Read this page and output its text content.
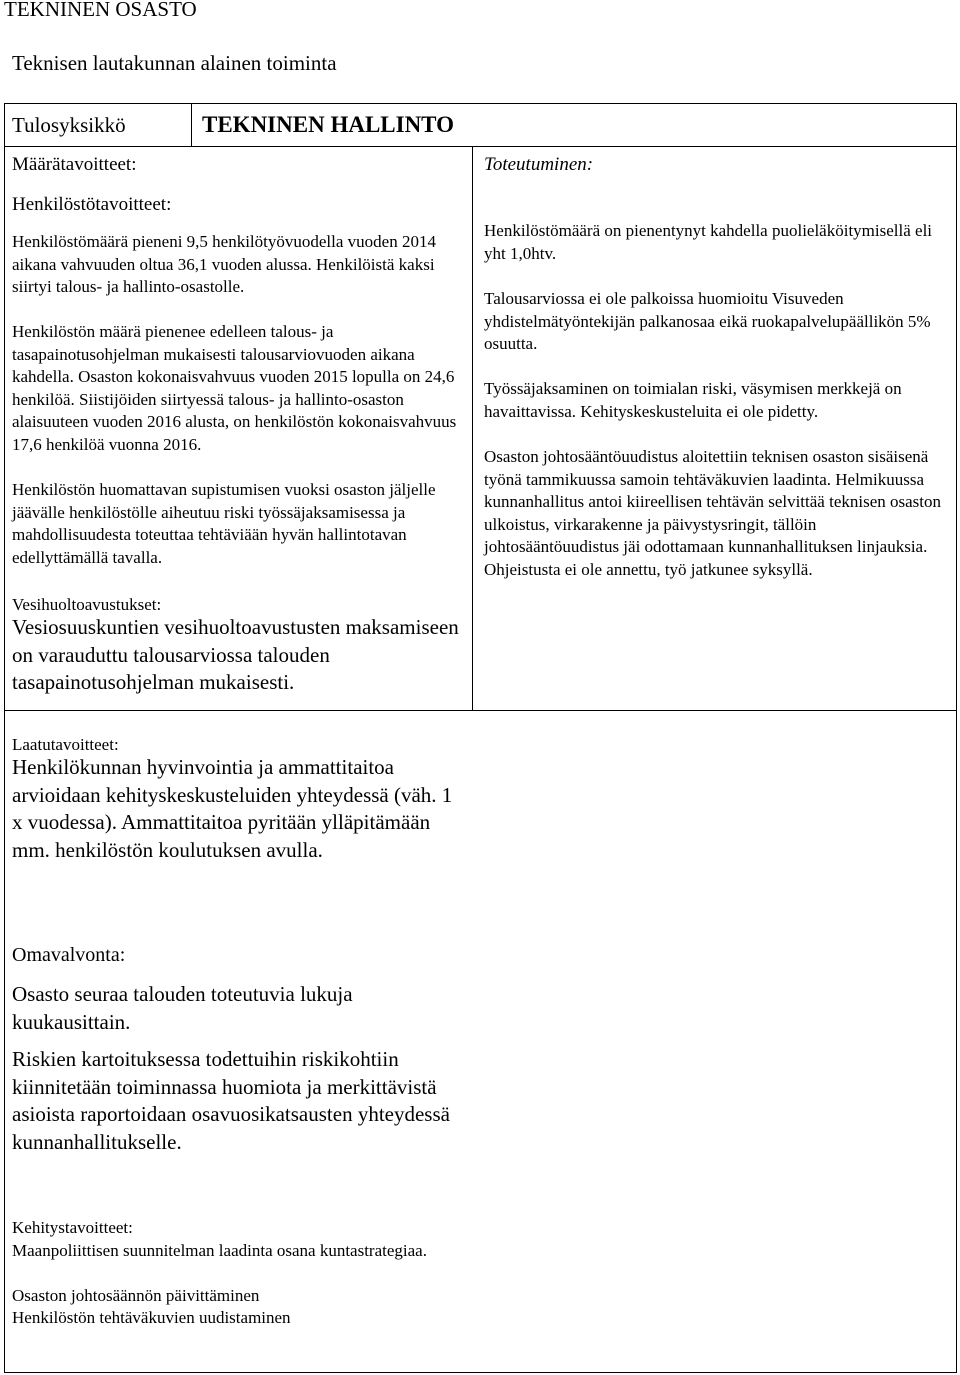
TEKNINEN OSASTO
Teknisen lautakunnan alainen toiminta
Tulosyksikkö	TEKNINEN HALLINTO
Määrätavoitteet:
Henkilöstötavoitteet:

Henkilöstömäärä pieneni 9,5 henkilötyövuodella vuoden 2014 aikana vahvuuden oltua 36,1 vuoden alussa. Henkilöistä kaksi siirtyi talous- ja hallinto-osastolle.

Henkilöstön määrä pienenee edelleen talous- ja tasapainotusohjelman mukaisesti talousarviovuoden aikana kahdella. Osaston kokonaisvahvuus vuoden 2015 lopulla on 24,6 henkilöä. Siistijöiden siirtyessä talous- ja hallinto-osaston alaisuuteen vuoden 2016 alusta, on henkilöstön kokonaisvahvuus 17,6 henkilöä vuonna 2016.

Henkilöstön huomattavan supistumisen vuoksi osaston jäljelle jäävälle henkilöstölle aiheutuu riski työssäjaksamisessa ja mahdollisuudesta toteuttaa tehtäviään hyvän hallintotavan edellyttämällä tavalla.

Vesihuoltoavustukset:

Vesiosuuskuntien vesihuoltoavustusten maksamiseen on varauduttu talousarviossa talouden tasapainotusohjelman mukaisesti.

Toteutuminen:

Henkilöstömäärä on pienentynyt kahdella puolieläköitymisellä eli yht 1,0htv.

Talousarviossa ei ole palkoissa huomioitu Visuveden yhdistelmätyöntekijän palkanosaa eikä ruokapalvelupäällikön 5% osuutta.

Työssäjaksaminen on toimialan riski, väsymisen merkkejä on havaittavissa. Kehityskeskusteluita ei ole pidetty.

Osaston johtosääntöuudistus aloitettiin teknisen osaston sisäisenä työnä tammikuussa samoin tehtäväkuvien laadinta. Helmikuussa kunnanhallitus antoi kiireellisen tehtävän selvittää teknisen osaston ulkoistus, virkarakenne ja päivystysringit, tällöin johtosääntöuudistus jäi odottamaan kunnanhallituksen linjauksia. Ohjeistusta ei ole annettu, työ jatkunee syksyllä.

Laatutavoitteet:

Henkilökunnan hyvinvointia ja ammattitaitoa arvioidaan kehityskeskusteluiden yhteydessä (väh. 1 x vuodessa). Ammattitaitoa pyritään ylläpitämään mm. henkilöstön koulutuksen avulla.

Omavalvonta:

Osasto seuraa talouden toteutuvia lukuja kuukausittain.

Riskien kartoituksessa todettuihin riskikohtiin kiinnitetään toiminnassa huomiota ja merkittävistä asioista raportoidaan osavuosikatsausten yhteydessä kunnanhallitukselle.

Kehitystavoitteet:

Maanpoliittisen suunnitelman laadinta osana kuntastrategiaa.

Osaston johtosäännön päivittäminen

Henkilöstön tehtäväkuvien uudistaminen
